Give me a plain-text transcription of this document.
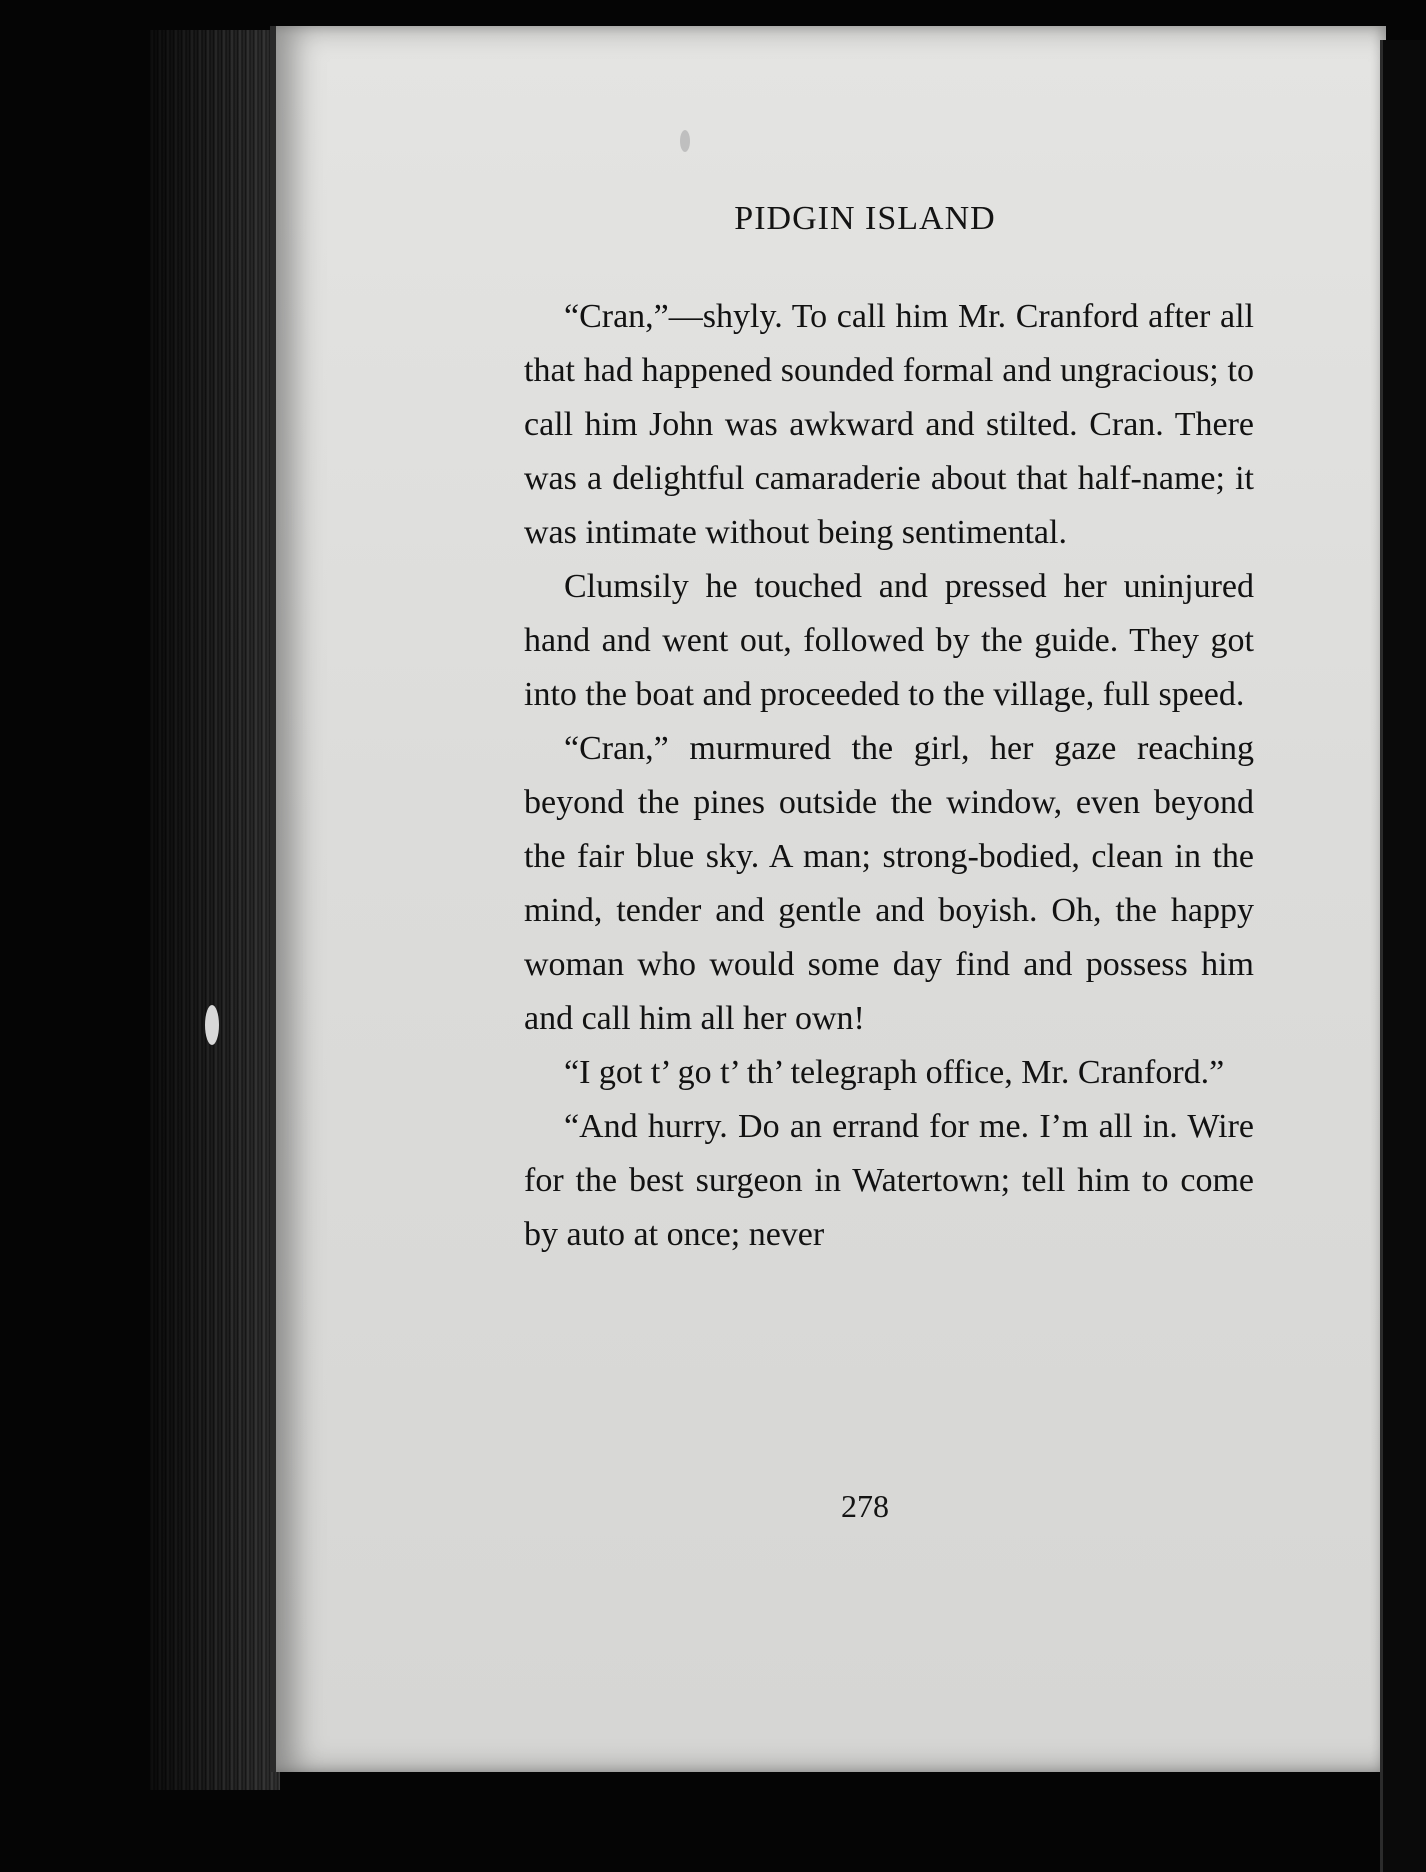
PIDGIN ISLAND

“Cran,”—shyly. To call him Mr. Cranford after all that had happened sounded formal and ungracious; to call him John was awkward and stilted. Cran. There was a delightful camaraderie about that half-name; it was intimate without being sentimental.

Clumsily he touched and pressed her uninjured hand and went out, followed by the guide. They got into the boat and proceeded to the village, full speed.

“Cran,” murmured the girl, her gaze reaching beyond the pines outside the window, even beyond the fair blue sky. A man; strong-bodied, clean in the mind, tender and gentle and boyish. Oh, the happy woman who would some day find and possess him and call him all her own!

“I got t’ go t’ th’ telegraph office, Mr. Cranford.”

“And hurry. Do an errand for me. I’m all in. Wire for the best surgeon in Watertown; tell him to come by auto at once; never

278
